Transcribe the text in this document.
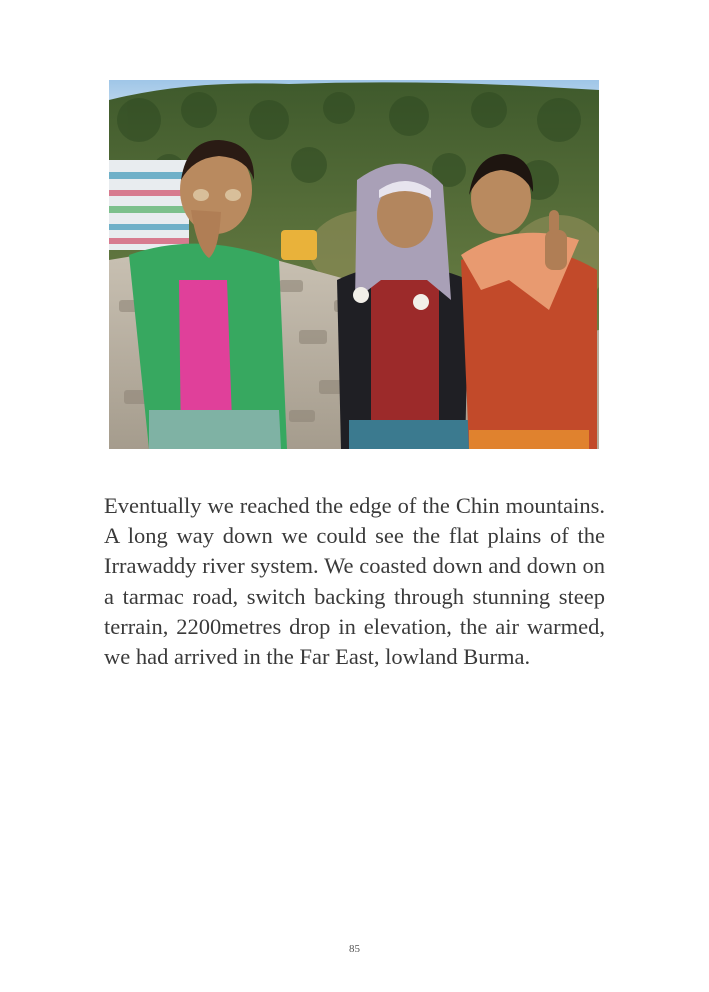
Eventually we reached the edge of the Chin mountains. A long way down we could see the flat plains of the Irrawaddy river system. We coasted down and down on a tarmac road, switch backing through stunning steep terrain, 2200metres drop in elevation, the air warmed, we had arrived in the Far East, lowland Burma.

85
